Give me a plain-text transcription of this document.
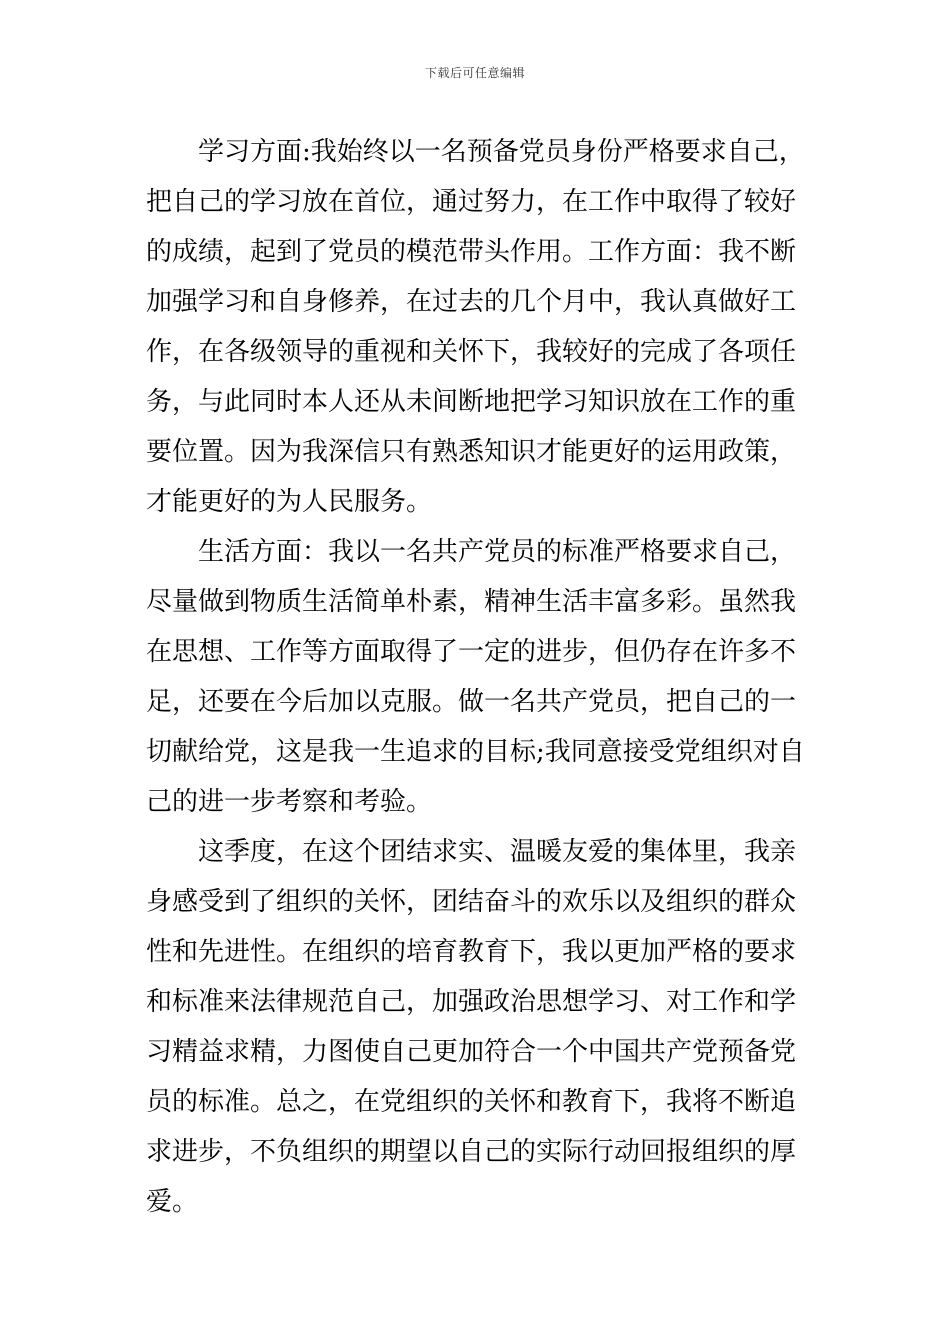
下载后可任意编辑
学习方面:我始终以一名预备党员身份严格要求自己，
把自己的学习放在首位，通过努力，在工作中取得了较好
的成绩，起到了党员的模范带头作用。工作方面：我不断
加强学习和自身修养，在过去的几个月中，我认真做好工
作，在各级领导的重视和关怀下，我较好的完成了各项任
务，与此同时本人还从未间断地把学习知识放在工作的重
要位置。因为我深信只有熟悉知识才能更好的运用政策，
才能更好的为人民服务。
生活方面：我以一名共产党员的标准严格要求自己，
尽量做到物质生活简单朴素，精神生活丰富多彩。虽然我
在思想、工作等方面取得了一定的进步，但仍存在许多不
足，还要在今后加以克服。做一名共产党员，把自己的一
切献给党，这是我一生追求的目标;我同意接受党组织对自
己的进一步考察和考验。
这季度，在这个团结求实、温暖友爱的集体里，我亲
身感受到了组织的关怀，团结奋斗的欢乐以及组织的群众
性和先进性。在组织的培育教育下，我以更加严格的要求
和标准来法律规范自己，加强政治思想学习、对工作和学
习精益求精，力图使自己更加符合一个中国共产党预备党
员的标准。总之，在党组织的关怀和教育下，我将不断追
求进步，不负组织的期望以自己的实际行动回报组织的厚
爱。
